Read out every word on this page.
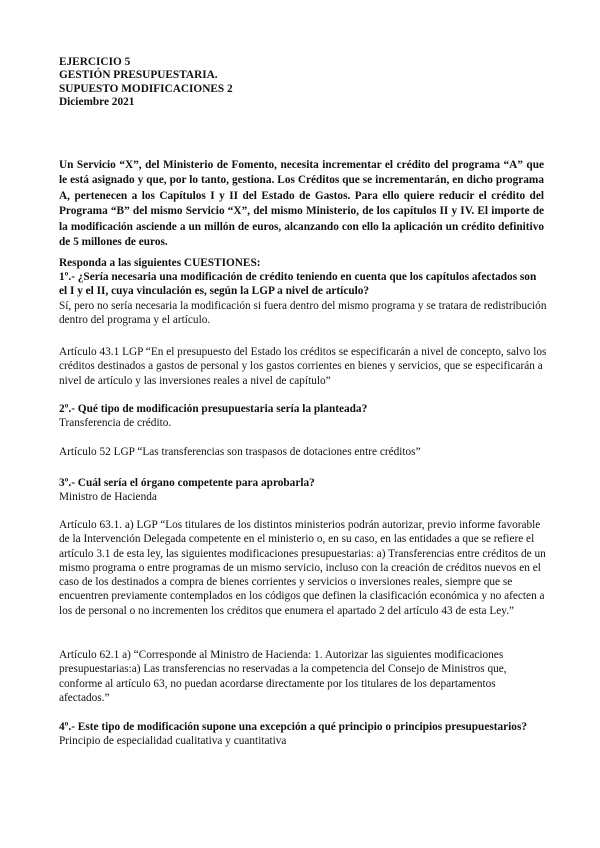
EJERCICIO 5
GESTIÓN PRESUPUESTARIA.
SUPUESTO MODIFICACIONES 2
Diciembre 2021

Un Servicio “X”, del Ministerio de Fomento, necesita incrementar el crédito del programa “A” que le está asignado y que, por lo tanto, gestiona. Los Créditos que se incrementarán, en dicho programa A, pertenecen a los Capítulos I y II del Estado de Gastos. Para ello quiere reducir el crédito del Programa “B” del mismo Servicio “X”, del mismo Ministerio, de los capítulos II y IV. El importe de la modificación asciende a un millón de euros, alcanzando con ello la aplicación un crédito definitivo de 5 millones de euros.

Responda a las siguientes CUESTIONES:

1º.- ¿Sería necesaria una modificación de crédito teniendo en cuenta que los capítulos afectados son el I y el II, cuya vinculación es, según la LGP a nivel de artículo?

Sí, pero no sería necesaria la modificación si fuera dentro del mismo programa y se tratara de redistribución dentro del programa y el artículo.

Artículo 43.1 LGP “En el presupuesto del Estado los créditos se especificarán a nivel de concepto, salvo los créditos destinados a gastos de personal y los gastos corrientes en bienes y servicios, que se especificarán a nivel de artículo y las inversiones reales a nivel de capítulo”

2º.- Qué tipo de modificación presupuestaria sería la planteada?

Transferencia de crédito.

Artículo 52 LGP “Las transferencias son traspasos de dotaciones entre créditos”

3º.- Cuál sería el órgano competente para aprobarla?

Ministro de Hacienda

Artículo 63.1. a) LGP “Los titulares de los distintos ministerios podrán autorizar, previo informe favorable de la Intervención Delegada competente en el ministerio o, en su caso, en las entidades a que se refiere el artículo 3.1 de esta ley, las siguientes modificaciones presupuestarias: a) Transferencias entre créditos de un mismo programa o entre programas de un mismo servicio, incluso con la creación de créditos nuevos en el caso de los destinados a compra de bienes corrientes y servicios o inversiones reales, siempre que se encuentren previamente contemplados en los códigos que definen la clasificación económica y no afecten a los de personal o no incrementen los créditos que enumera el apartado 2 del artículo 43 de esta Ley.”

Artículo 62.1 a) “Corresponde al Ministro de Hacienda: 1. Autorizar las siguientes modificaciones presupuestarias:a) Las transferencias no reservadas a la competencia del Consejo de Ministros que, conforme al artículo 63, no puedan acordarse directamente por los titulares de los departamentos afectados.”

4º.- Este tipo de modificación supone una excepción a qué principio o principios presupuestarios?

Principio de especialidad cualitativa y cuantitativa
